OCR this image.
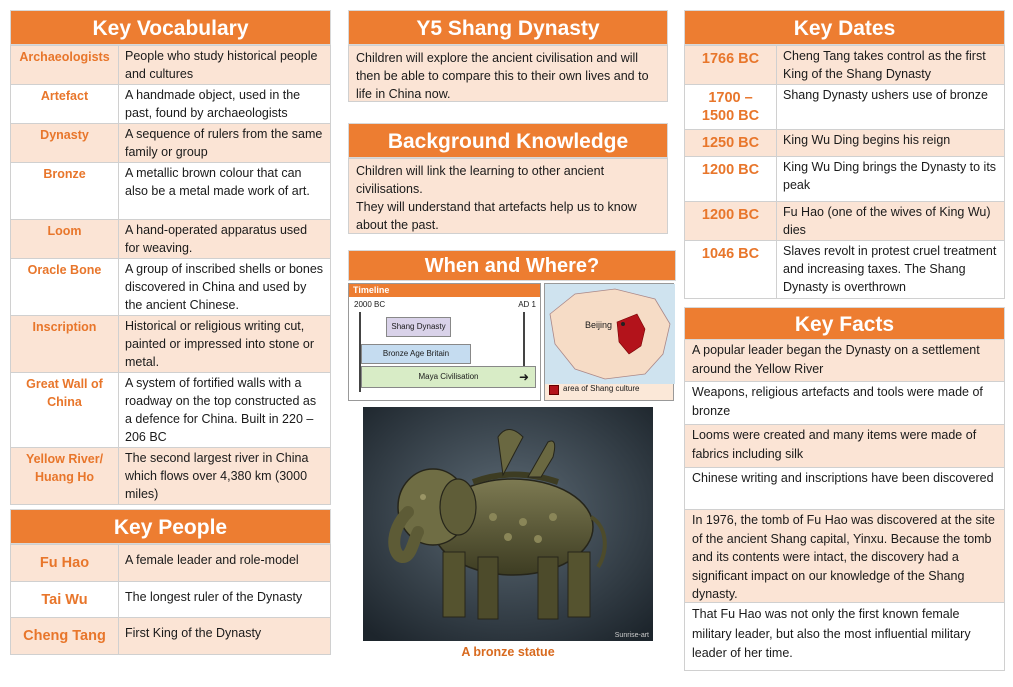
Key Vocabulary
Archaeologists	People who study historical people and cultures
Artefact	A handmade object, used in the past, found by archaeologists
Dynasty	A sequence of rulers from the same family or group
Bronze	A metallic brown colour that can also be a metal made work of art.
Loom	A hand-operated apparatus used for weaving.
Oracle Bone	A group of inscribed shells or bones discovered in China and used by the ancient Chinese.
Inscription	Historical or religious writing cut, painted or impressed into stone or metal.
Great Wall of China	A system of fortified walls with a roadway on the top constructed as a defence for China. Built in 220 – 206 BC
Yellow River/ Huang Ho	The second largest river in China which flows over 4,380 km (3000 miles)
Key People
Fu Hao	A female leader and role-model
Tai Wu	The longest ruler of the Dynasty
Cheng Tang	First King of the Dynasty
Y5 Shang Dynasty
Children will explore the ancient civilisation and will then be able to compare this to their own lives and to life in China now.
Background Knowledge
Children will link the learning to other ancient civilisations.
They will understand that artefacts help us to know about the past.
When and Where?
Timeline
2000 BC	AD 1
Shang Dynasty
Bronze Age Britain
Maya Civilisation	➜
Beijing
area of Shang culture
Sunrise-art
A bronze statue
Key Dates
1766 BC	Cheng Tang takes control as the first King of the Shang Dynasty
1700 – 1500 BC	Shang Dynasty ushers use of bronze
1250 BC	King Wu Ding begins his reign
1200 BC	King Wu Ding brings the Dynasty to its peak
1200 BC	Fu Hao (one of the wives of King Wu) dies
1046 BC	Slaves revolt in protest cruel treatment and increasing taxes. The Shang Dynasty is overthrown
Key Facts
A popular leader began the Dynasty on a settlement around the Yellow River
Weapons, religious artefacts and tools were made of bronze
Looms were created and many items were made of fabrics including silk
Chinese writing and inscriptions have been discovered
In 1976, the tomb of Fu Hao was discovered at the site of the ancient Shang capital, Yinxu. Because the tomb and its contents were intact, the discovery had a significant impact on our knowledge of the Shang dynasty.
That Fu Hao was not only the first known female military leader, but also the most influential military leader of her time.
